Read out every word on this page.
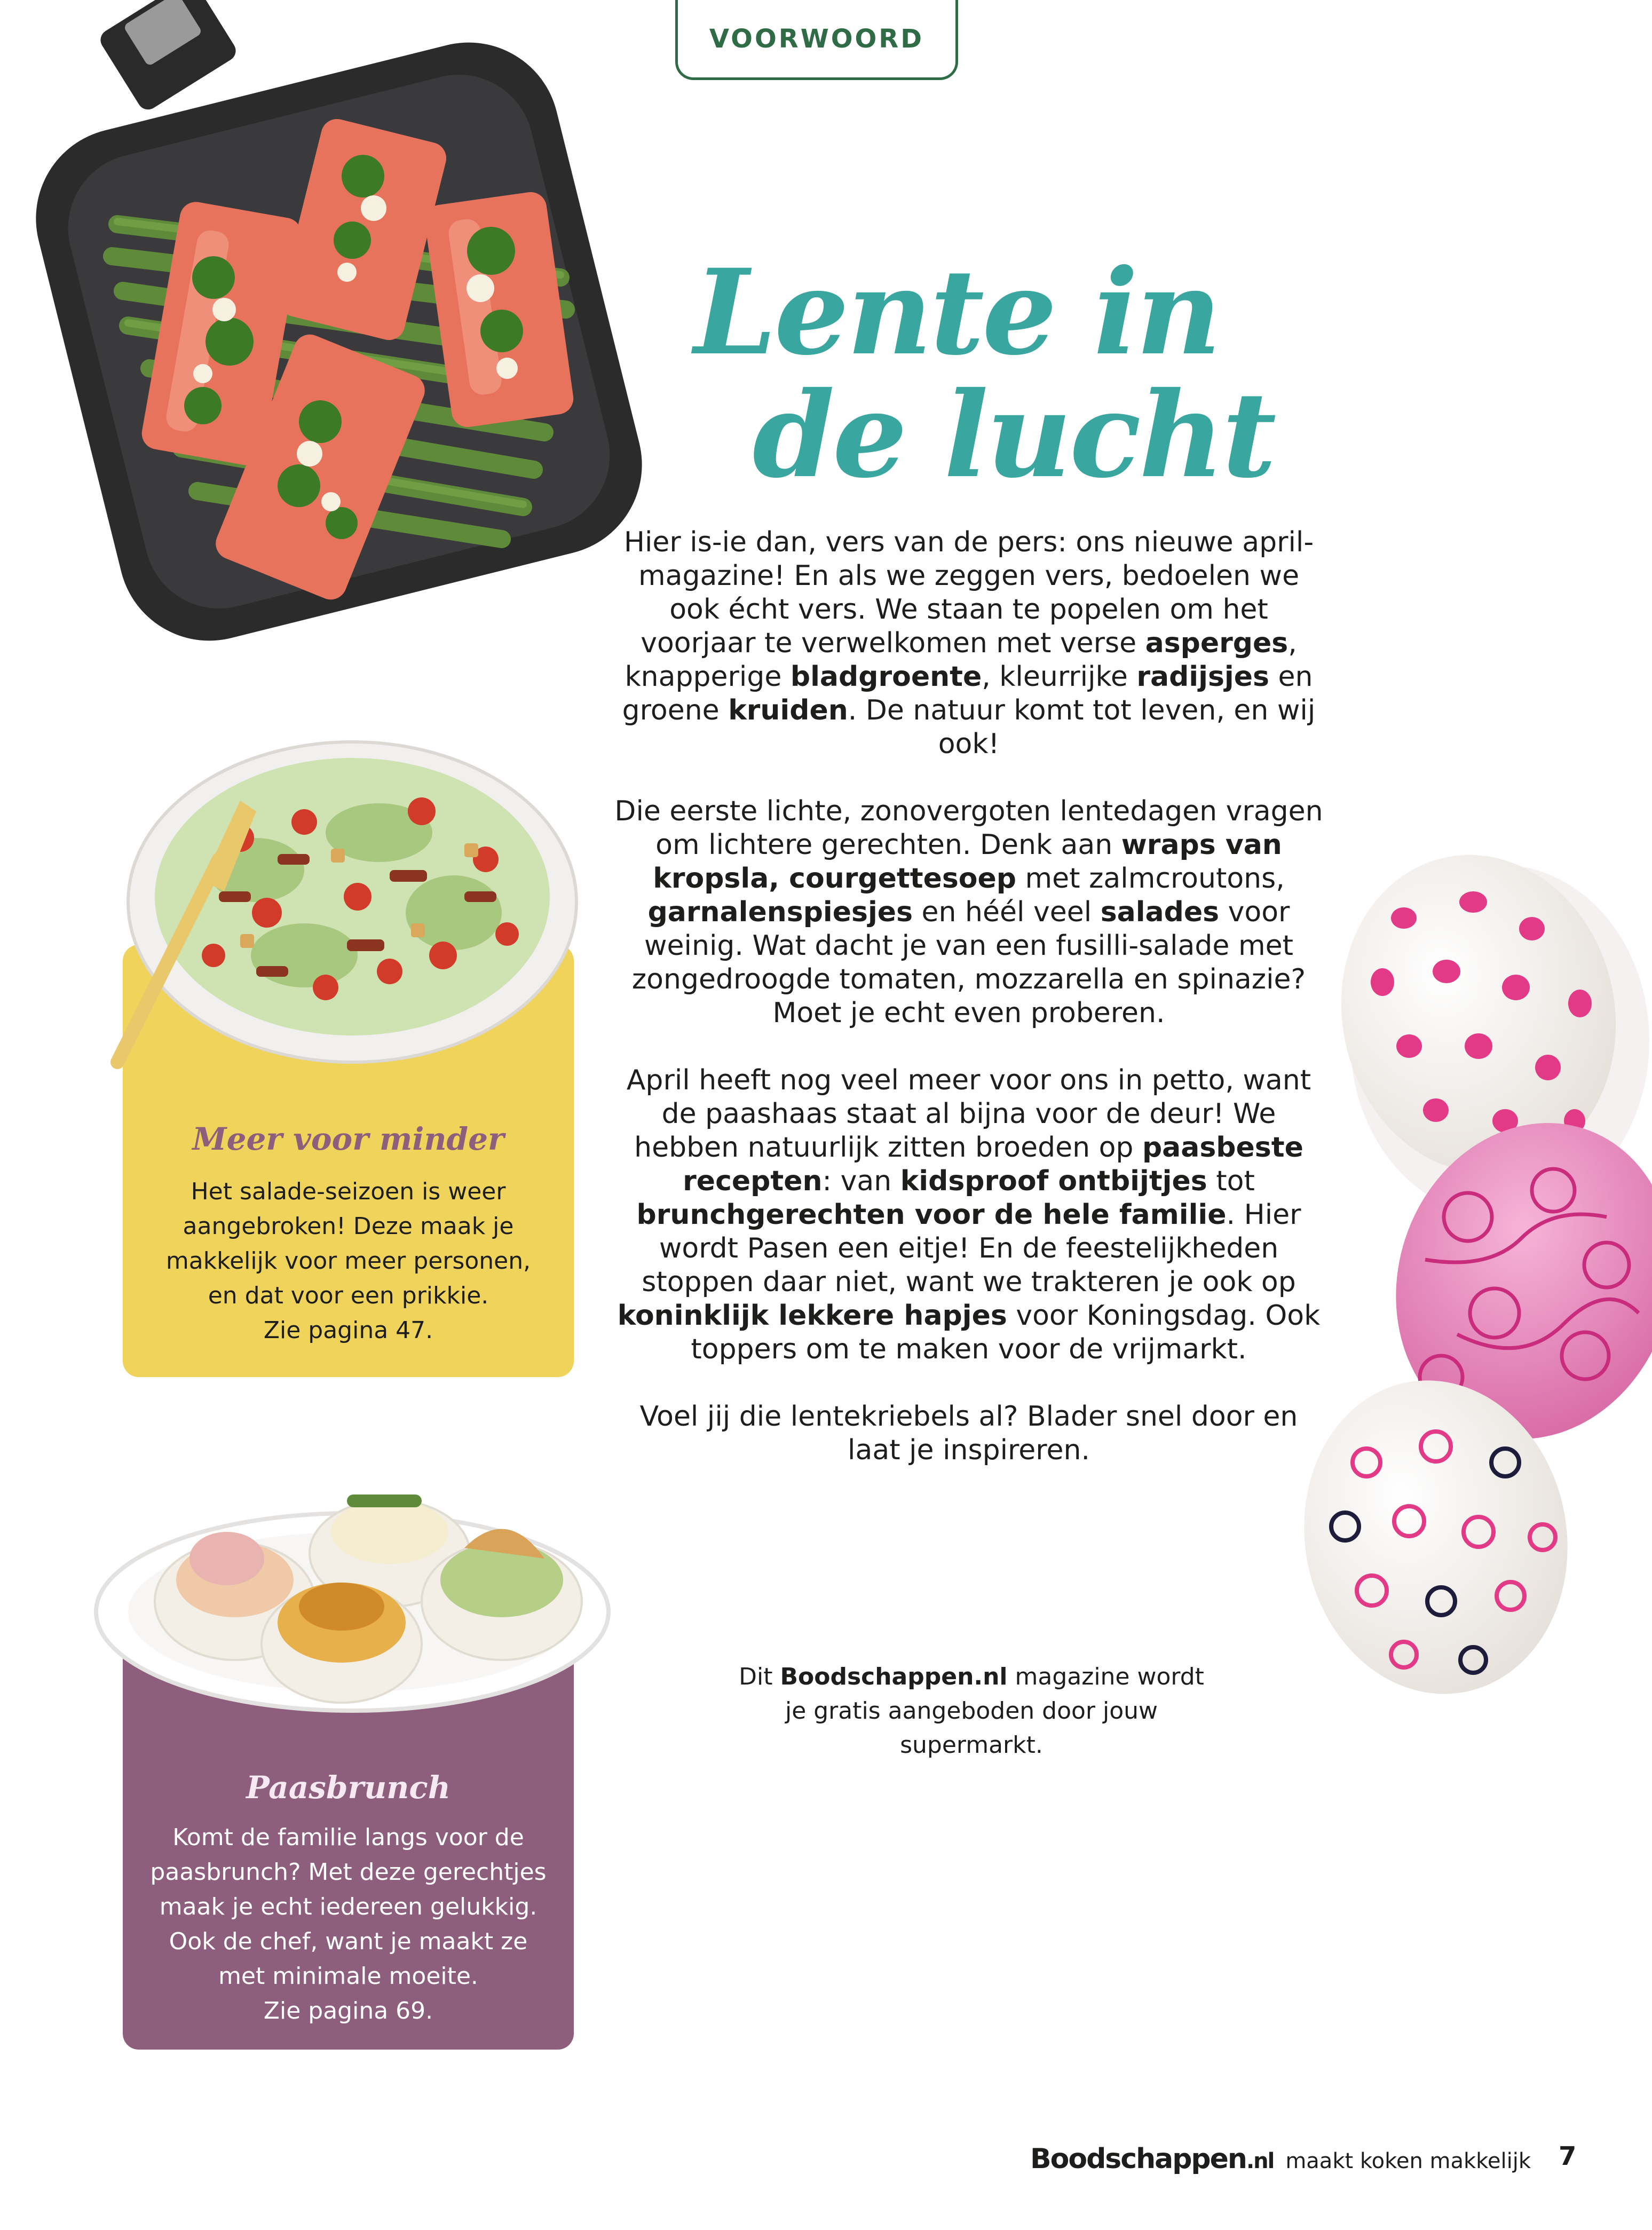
VOORWOORD
Lente in
de lucht

Hier is-ie dan, vers van de pers: ons nieuwe april-magazine! En als we zeggen vers, bedoelen we ook écht vers. We staan te popelen om het voorjaar te verwelkomen met verse asperges, knapperige bladgroente, kleurrijke radijsjes en groene kruiden. De natuur komt tot leven, en wij ook!

Die eerste lichte, zonovergoten lentedagen vragen om lichtere gerechten. Denk aan wraps van kropsla, courgettesoep met zalmcroutons, garnalenspiesjes en héél veel salades voor weinig. Wat dacht je van een fusilli-salade met zongedroogde tomaten, mozzarella en spinazie? Moet je echt even proberen.

April heeft nog veel meer voor ons in petto, want de paashaas staat al bijna voor de deur! We hebben natuurlijk zitten broeden op paasbeste recepten: van kidsproof ontbijtjes tot brunchgerechten voor de hele familie. Hier wordt Pasen een eitje! En de feestelijkheden stoppen daar niet, want we trakteren je ook op koninklijk lekkere hapjes voor Koningsdag. Ook toppers om te maken voor de vrijmarkt.

Voel jij die lentekriebels al? Blader snel door en laat je inspireren.

Meer voor minder
Het salade-seizoen is weer
aangebroken! Deze maak je
makkelijk voor meer personen,
en dat voor een prikkie.
Zie pagina 47.
Paasbrunch
Komt de familie langs voor de
paasbrunch? Met deze gerechtjes
maak je echt iedereen gelukkig.
Ook de chef, want je maakt ze
met minimale moeite.
Zie pagina 69.
Dit Boodschappen.nl magazine wordt je gratis aangeboden door jouw supermarkt.
Boodschappen.nl maakt koken makkelijk 7
